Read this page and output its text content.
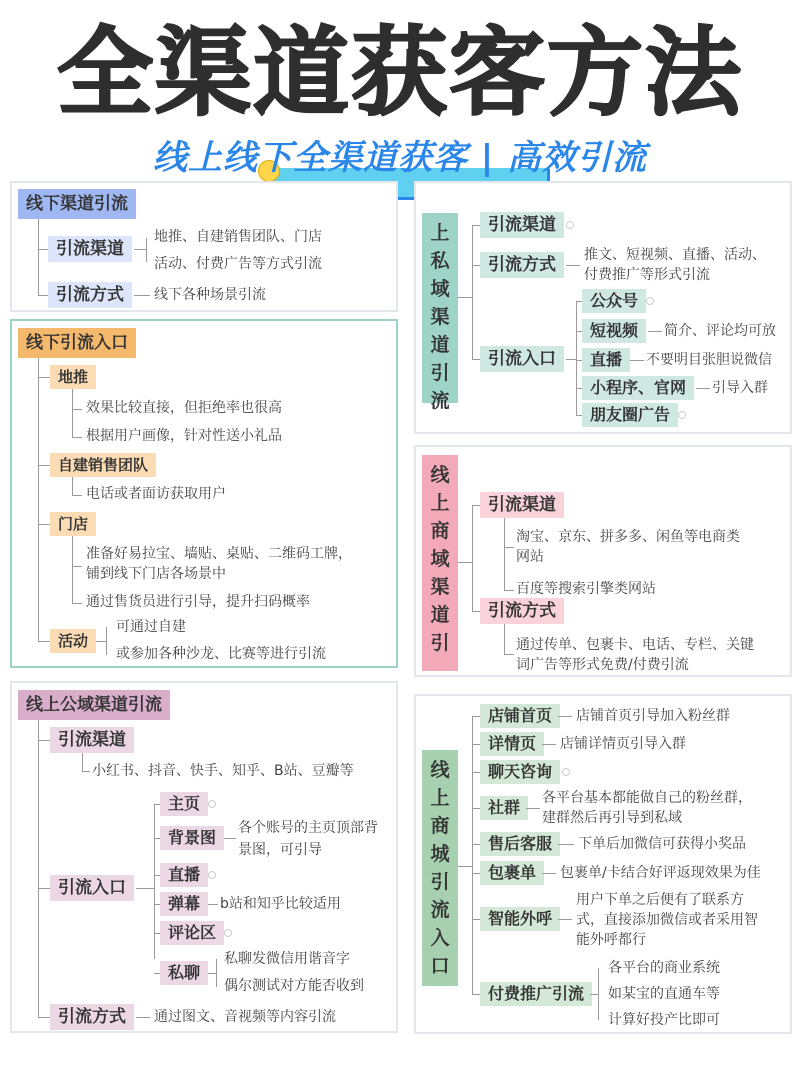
全渠道获客方法
线上线下全渠道获客 | 高效引流
线下渠道引流
引流渠道
地推、自建销售团队、门店
活动、付费广告等方式引流
引流方式	线下各种场景引流
线下引流入口
地推
效果比较直接，但拒绝率也很高
根据用户画像，针对性送小礼品
自建销售团队
电话或者面访获取用户
门店
准备好易拉宝、墙贴、桌贴、二维码工牌，
铺到线下门店各场景中
通过售货员进行引导，提升扫码概率
活动
可通过自建
或参加各种沙龙、比赛等进行引流
线上公域渠道引流
引流渠道
小红书、抖音、快手、知乎、B站、豆瓣等
引流入口
主页
背景图	各个账号的主页顶部背
景图，可引导
直播
弹幕	b站和知乎比较适用
评论区
私聊
私聊发微信用谐音字
偶尔测试对方能否收到
引流方式	通过图文、音视频等内容引流
上
私
域
渠
道
引
流
引流渠道
引流方式	推文、短视频、直播、活动、
付费推广等形式引流
引流入口
公众号
短视频	简介、评论均可放
直播	不要明目张胆说微信
小程序、官网	引导入群
朋友圈广告
线
上
商
域
渠
道
引
引流渠道
淘宝、京东、拼多多、闲鱼等电商类
网站
百度等搜索引擎类网站
引流方式
通过传单、包裹卡、电话、专栏、关键
词广告等形式免费/付费引流
线
上
商
城
引
流
入
口
店铺首页	店铺首页引导加入粉丝群
详情页	店铺详情页引导入群
聊天咨询
社群	各平台基本都能做自己的粉丝群，
建群然后再引导到私域
售后客服	下单后加微信可获得小奖品
包裹单	包裹单/卡结合好评返现效果为佳
智能外呼
用户下单之后便有了联系方
式，直接添加微信或者采用智
能外呼都行
付费推广引流
各平台的商业系统
如某宝的直通车等
计算好投产比即可
